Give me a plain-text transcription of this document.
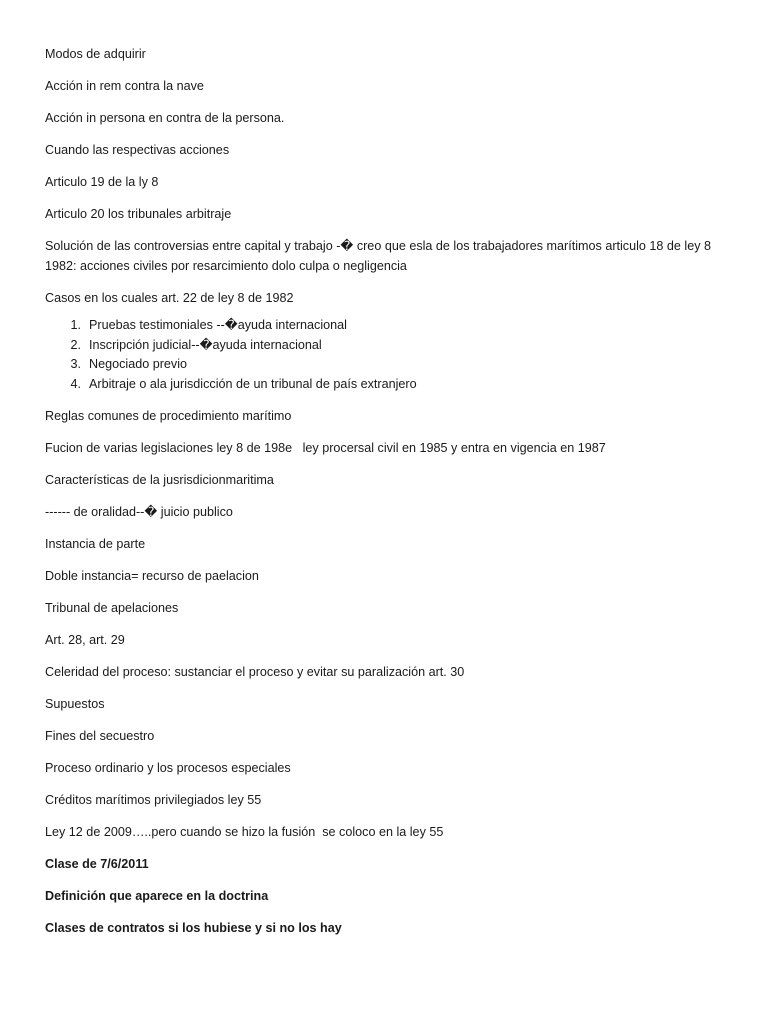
Modos de adquirir

Acción in rem contra la nave

Acción in persona en contra de la persona.

Cuando las respectivas acciones

Articulo 19 de la ly 8

Articulo 20 los tribunales arbitraje

Solución de las controversias entre capital y trabajo -� creo que esla de los trabajadores marítimos articulo 18 de ley 8 1982: acciones civiles por resarcimiento dolo culpa o negligencia

Casos en los cuales art. 22 de ley 8 de 1982

1. Pruebas testimoniales --�ayuda internacional
2. Inscripción judicial--�ayuda internacional
3. Negociado previo
4. Arbitraje o ala jurisdicción de un tribunal de país extranjero

Reglas comunes de procedimiento marítimo

Fucion de varias legislaciones ley 8 de 198e   ley procersal civil en 1985 y entra en vigencia en 1987

Características de la jusrisdicionmaritima

------ de oralidad--� juicio publico

Instancia de parte

Doble instancia= recurso de paelacion

Tribunal de apelaciones

Art. 28, art. 29

Celeridad del proceso: sustanciar el proceso y evitar su paralización art. 30

Supuestos

Fines del secuestro

Proceso ordinario y los procesos especiales

Créditos marítimos privilegiados ley 55

Ley 12 de 2009…..pero cuando se hizo la fusión  se coloco en la ley 55

Clase de 7/6/2011

Definición que aparece en la doctrina

Clases de contratos si los hubiese y si no los hay
